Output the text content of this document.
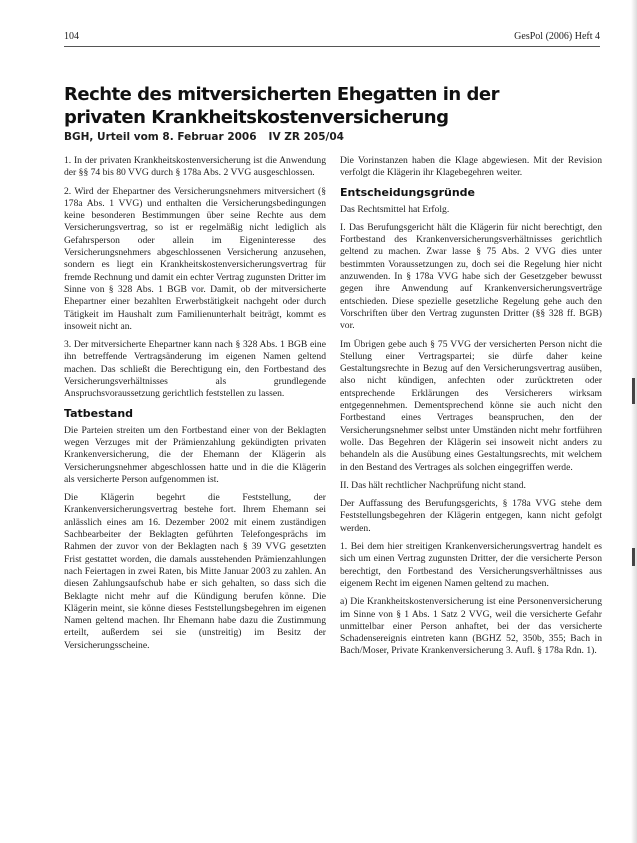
104	GesPol (2006) Heft 4
Rechte des mitversicherten Ehegatten in der privaten Krankheitskostenversicherung
BGH, Urteil vom 8. Februar 2006 IV ZR 205/04

1. In der privaten Krankheitskostenversicherung ist die Anwendung der §§ 74 bis 80 VVG durch § 178a Abs. 2 VVG ausgeschlossen.

2. Wird der Ehepartner des Versicherungsnehmers mitversichert (§ 178a Abs. 1 VVG) und enthalten die Versicherungsbedingungen keine besonderen Bestimmungen über seine Rechte aus dem Versicherungsvertrag, so ist er regelmäßig nicht lediglich als Gefahrsperson oder allein im Eigeninteresse des Versicherungsnehmers abgeschlossenen Versicherung anzusehen, sondern es liegt ein Krankheitskostenversicherungsvertrag für fremde Rechnung und damit ein echter Vertrag zugunsten Dritter im Sinne von § 328 Abs. 1 BGB vor. Damit, ob der mitversicherte Ehepartner einer bezahlten Erwerbstätigkeit nachgeht oder durch Tätigkeit im Haushalt zum Familienunterhalt beiträgt, kommt es insoweit nicht an.

3. Der mitversicherte Ehepartner kann nach § 328 Abs. 1 BGB eine ihn betreffende Vertragsänderung im eigenen Namen geltend machen. Das schließt die Berechtigung ein, den Fortbestand des Versicherungsverhältnisses als grundlegende Anspruchsvoraussetzung gerichtlich feststellen zu lassen.

Tatbestand

Die Parteien streiten um den Fortbestand einer von der Beklagten wegen Verzuges mit der Prämienzahlung gekündigten privaten Krankenversicherung, die der Ehemann der Klägerin als Versicherungsnehmer abgeschlossen hatte und in die die Klägerin als versicherte Person aufgenommen ist.

Die Klägerin begehrt die Feststellung, der Krankenversicherungsvertrag bestehe fort. Ihrem Ehemann sei anlässlich eines am 16. Dezember 2002 mit einem zuständigen Sachbearbeiter der Beklagten geführten Telefongesprächs im Rahmen der zuvor von der Beklagten nach § 39 VVG gesetzten Frist gestattet worden, die damals ausstehenden Prämienzahlungen nach Feiertagen in zwei Raten, bis Mitte Januar 2003 zu zahlen. An diesen Zahlungsaufschub habe er sich gehalten, so dass sich die Beklagte nicht mehr auf die Kündigung berufen könne. Die Klägerin meint, sie könne dieses Feststellungsbegehren im eigenen Namen geltend machen. Ihr Ehemann habe dazu die Zustimmung erteilt, außerdem sei sie (unstreitig) im Besitz der Versicherungsscheine.

Die Vorinstanzen haben die Klage abgewiesen. Mit der Revision verfolgt die Klägerin ihr Klagebegehren weiter.

Entscheidungsgründe

Das Rechtsmittel hat Erfolg.

I. Das Berufungsgericht hält die Klägerin für nicht berechtigt, den Fortbestand des Krankenversicherungsverhältnisses gerichtlich geltend zu machen. Zwar lasse § 75 Abs. 2 VVG dies unter bestimmten Voraussetzungen zu, doch sei die Regelung hier nicht anzuwenden. In § 178a VVG habe sich der Gesetzgeber bewusst gegen ihre Anwendung auf Krankenversicherungsverträge entschieden. Diese spezielle gesetzliche Regelung gehe auch den Vorschriften über den Vertrag zugunsten Dritter (§§ 328 ff. BGB) vor.

Im Übrigen gebe auch § 75 VVG der versicherten Person nicht die Stellung einer Vertragspartei; sie dürfe daher keine Gestaltungsrechte in Bezug auf den Versicherungsvertrag ausüben, also nicht kündigen, anfechten oder zurücktreten oder entsprechende Erklärungen des Versicherers wirksam entgegennehmen. Dementsprechend könne sie auch nicht den Fortbestand eines Vertrages beanspruchen, den der Versicherungsnehmer selbst unter Umständen nicht mehr fortführen wolle. Das Begehren der Klägerin sei insoweit nicht anders zu behandeln als die Ausübung eines Gestaltungsrechts, mit welchem in den Bestand des Vertrages als solchen eingegriffen werde.

II. Das hält rechtlicher Nachprüfung nicht stand.

Der Auffassung des Berufungsgerichts, § 178a VVG stehe dem Feststellungsbegehren der Klägerin entgegen, kann nicht gefolgt werden.

1. Bei dem hier streitigen Krankenversicherungsvertrag handelt es sich um einen Vertrag zugunsten Dritter, der die versicherte Person berechtigt, den Fortbestand des Versicherungsverhältnisses aus eigenem Recht im eigenen Namen geltend zu machen.

a) Die Krankheitskostenversicherung ist eine Personenversicherung im Sinne von § 1 Abs. 1 Satz 2 VVG, weil die versicherte Gefahr unmittelbar einer Person anhaftet, bei der das versicherte Schadensereignis eintreten kann (BGHZ 52, 350b, 355; Bach in Bach/Moser, Private Krankenversicherung 3. Aufl. § 178a Rdn. 1).
